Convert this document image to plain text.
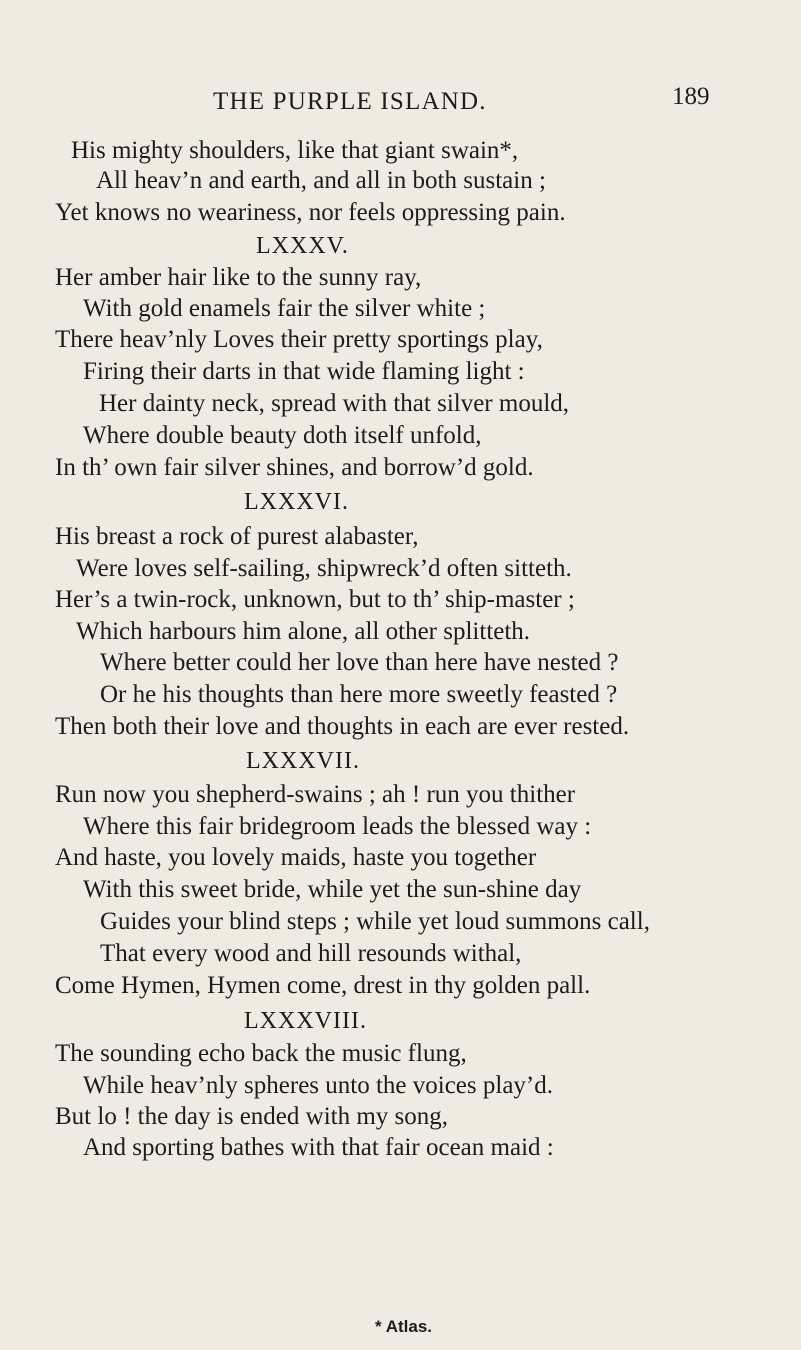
THE PURPLE ISLAND.	189
His mighty shoulders, like that giant swain*,
All heav’n and earth, and all in both sustain ;
Yet knows no weariness, nor feels oppressing pain.
LXXXV.
Her amber hair like to the sunny ray,
With gold enamels fair the silver white ;
There heav’nly Loves their pretty sportings play,
Firing their darts in that wide flaming light :
Her dainty neck, spread with that silver mould,
Where double beauty doth itself unfold,
In th’ own fair silver shines, and borrow’d gold.
LXXXVI.
His breast a rock of purest alabaster,
Were loves self-sailing, shipwreck’d often sitteth.
Her’s a twin-rock, unknown, but to th’ ship-master ;
Which harbours him alone, all other splitteth.
Where better could her love than here have nested ?
Or he his thoughts than here more sweetly feasted ?
Then both their love and thoughts in each are ever rested.
LXXXVII.
Run now you shepherd-swains ; ah ! run you thither
Where this fair bridegroom leads the blessed way :
And haste, you lovely maids, haste you together
With this sweet bride, while yet the sun-shine day
Guides your blind steps ; while yet loud summons call,
That every wood and hill resounds withal,
Come Hymen, Hymen come, drest in thy golden pall.
LXXXVIII.
The sounding echo back the music flung,
While heav’nly spheres unto the voices play’d.
But lo ! the day is ended with my song,
And sporting bathes with that fair ocean maid :
* Atlas.
